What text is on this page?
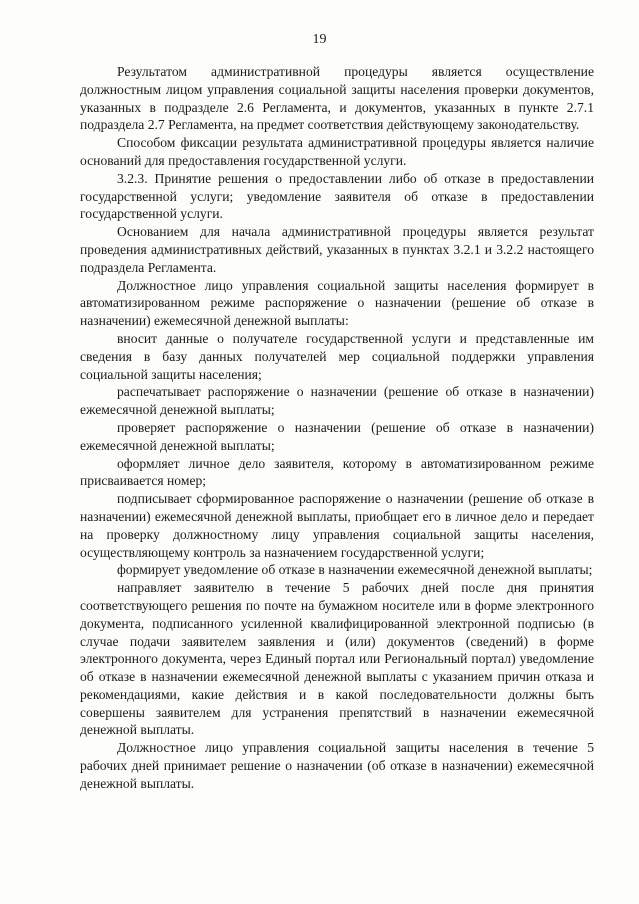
19

Результатом административной процедуры является осуществление должностным лицом управления социальной защиты населения проверки документов, указанных в подразделе 2.6 Регламента, и документов, указанных в пункте 2.7.1 подраздела 2.7 Регламента, на предмет соответствия действующему законодательству.

Способом фиксации результата административной процедуры является наличие оснований для предоставления государственной услуги.

3.2.3. Принятие решения о предоставлении либо об отказе в предоставлении государственной услуги; уведомление заявителя об отказе в предоставлении государственной услуги.

Основанием для начала административной процедуры является результат проведения административных действий, указанных в пунктах 3.2.1 и 3.2.2 настоящего подраздела Регламента.

Должностное лицо управления социальной защиты населения формирует в автоматизированном режиме распоряжение о назначении (решение об отказе в назначении) ежемесячной денежной выплаты:

вносит данные о получателе государственной услуги и представленные им сведения в базу данных получателей мер социальной поддержки управления социальной защиты населения;

распечатывает распоряжение о назначении (решение об отказе в назначении) ежемесячной денежной выплаты;

проверяет распоряжение о назначении (решение об отказе в назначении) ежемесячной денежной выплаты;

оформляет личное дело заявителя, которому в автоматизированном режиме присваивается номер;

подписывает сформированное распоряжение о назначении (решение об отказе в назначении) ежемесячной денежной выплаты, приобщает его в личное дело и передает на проверку должностному лицу управления социальной защиты населения, осуществляющему контроль за назначением государственной услуги;

формирует уведомление об отказе в назначении ежемесячной денежной выплаты;

направляет заявителю в течение 5 рабочих дней после дня принятия соответствующего решения по почте на бумажном носителе или в форме электронного документа, подписанного усиленной квалифицированной электронной подписью (в случае подачи заявителем заявления и (или) документов (сведений) в форме электронного документа, через Единый портал или Региональный портал) уведомление об отказе в назначении ежемесячной денежной выплаты с указанием причин отказа и рекомендациями, какие действия и в какой последовательности должны быть совершены заявителем для устранения препятствий в назначении ежемесячной денежной выплаты.

Должностное лицо управления социальной защиты населения в течение 5 рабочих дней принимает решение о назначении (об отказе в назначении) ежемесячной денежной выплаты.
